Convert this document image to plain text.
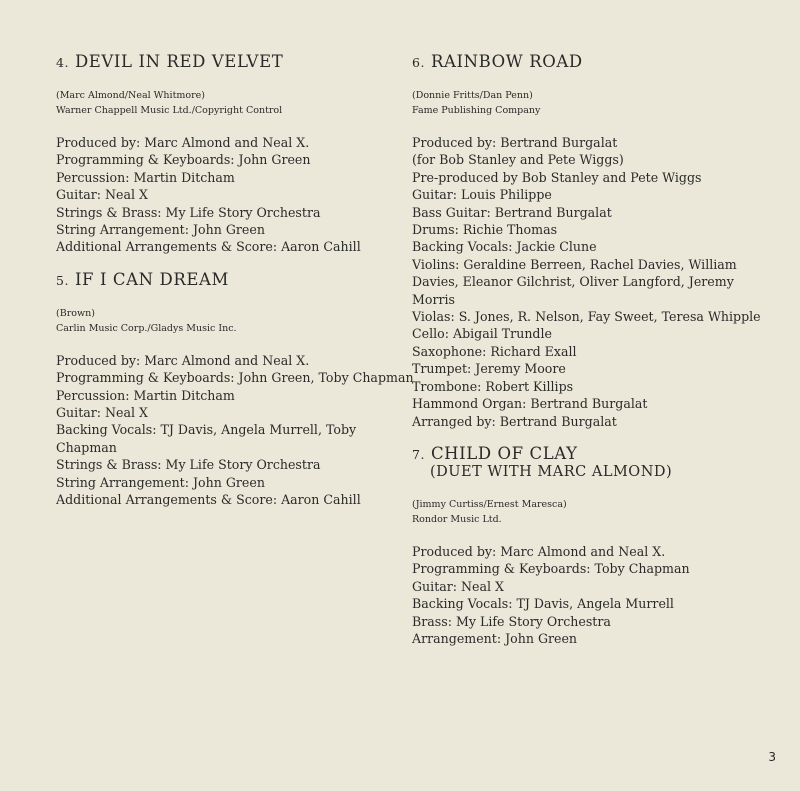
4. DEVIL IN RED VELVET
(Marc Almond/Neal Whitmore)
Warner Chappell Music Ltd./Copyright Control
Produced by: Marc Almond and Neal X.
Programming & Keyboards: John Green
Percussion: Martin Ditcham
Guitar: Neal X
Strings & Brass: My Life Story Orchestra
String Arrangement: John Green
Additional Arrangements & Score: Aaron Cahill
5. IF I CAN DREAM
(Brown)
Carlin Music Corp./Gladys Music Inc.
Produced by: Marc Almond and Neal X.
Programming & Keyboards: John Green, Toby Chapman
Percussion: Martin Ditcham
Guitar: Neal X
Backing Vocals: TJ Davis, Angela Murrell, Toby Chapman
Strings & Brass: My Life Story Orchestra
String Arrangement: John Green
Additional Arrangements & Score: Aaron Cahill
6. RAINBOW ROAD
(Donnie Fritts/Dan Penn)
Fame Publishing Company
Produced by: Bertrand Burgalat
(for Bob Stanley and Pete Wiggs)
Pre-produced by Bob Stanley and Pete Wiggs
Guitar: Louis Philippe
Bass Guitar: Bertrand Burgalat
Drums: Richie Thomas
Backing Vocals: Jackie Clune
Violins: Geraldine Berreen, Rachel Davies, William Davies, Eleanor Gilchrist, Oliver Langford, Jeremy Morris
Violas: S. Jones, R. Nelson, Fay Sweet, Teresa Whipple
Cello: Abigail Trundle
Saxophone: Richard Exall
Trumpet: Jeremy Moore
Trombone: Robert Killips
Hammond Organ: Bertrand Burgalat
Arranged by: Bertrand Burgalat
7. CHILD OF CLAY
(DUET WITH MARC ALMOND)
(Jimmy Curtiss/Ernest Maresca)
Rondor Music Ltd.
Produced by: Marc Almond and Neal X.
Programming & Keyboards: Toby Chapman
Guitar: Neal X
Backing Vocals: TJ Davis, Angela Murrell
Brass: My Life Story Orchestra
Arrangement: John Green
3
